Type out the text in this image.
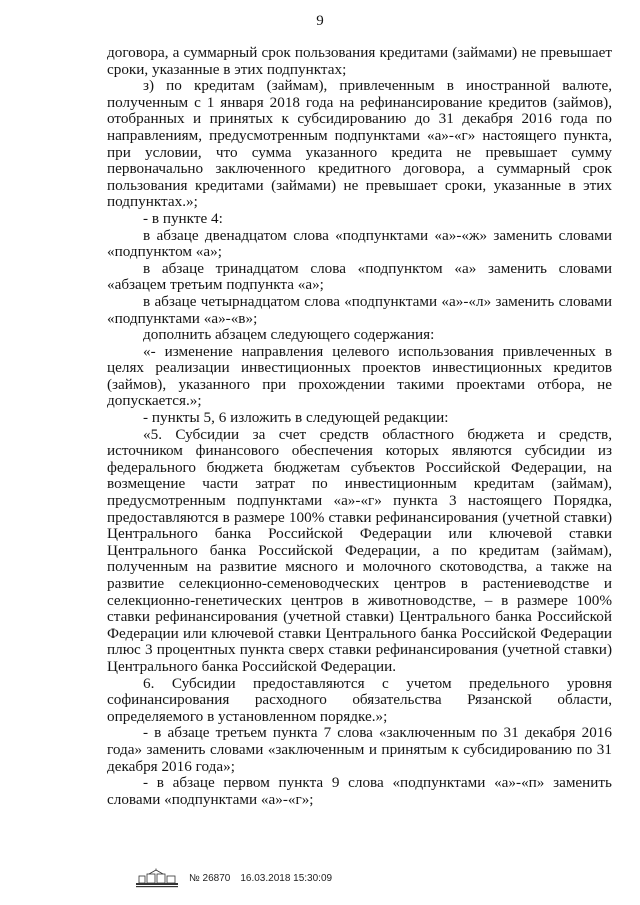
9

договора, а суммарный срок пользования кредитами (займами) не превышает сроки, указанные в этих подпунктах;

з) по кредитам (займам), привлеченным в иностранной валюте, полученным с 1 января 2018 года на рефинансирование кредитов (займов), отобранных и принятых к субсидированию до 31 декабря 2016 года по направлениям, предусмотренным подпунктами «а»-«г» настоящего пункта, при условии, что сумма указанного кредита не превышает сумму первоначально заключенного кредитного договора, а суммарный срок пользования кредитами (займами) не превышает сроки, указанные в этих подпунктах.»;

- в пункте 4:

в абзаце двенадцатом слова «подпунктами «а»-«ж» заменить словами «подпунктом «а»;

в абзаце тринадцатом слова «подпунктом «а» заменить словами «абзацем третьим подпункта «а»;

в абзаце четырнадцатом слова «подпунктами «а»-«л» заменить словами «подпунктами «а»-«в»;

дополнить абзацем следующего содержания:

«- изменение направления целевого использования привлеченных в целях реализации инвестиционных проектов инвестиционных кредитов (займов), указанного при прохождении такими проектами отбора, не допускается.»;

- пункты 5, 6 изложить в следующей редакции:

«5. Субсидии за счет средств областного бюджета и средств, источником финансового обеспечения которых являются субсидии из федерального бюджета бюджетам субъектов Российской Федерации, на возмещение части затрат по инвестиционным кредитам (займам), предусмотренным подпунктами «а»-«г» пункта 3 настоящего Порядка, предоставляются в размере 100% ставки рефинансирования (учетной ставки) Центрального банка Российской Федерации или ключевой ставки Центрального банка Российской Федерации, а по кредитам (займам), полученным на развитие мясного и молочного скотоводства, а также на развитие селекционно-семеноводческих центров в растениеводстве и селекционно-генетических центров в животноводстве, – в размере 100% ставки рефинансирования (учетной ставки) Центрального банка Российской Федерации или ключевой ставки Центрального банка Российской Федерации плюс 3 процентных пункта сверх ставки рефинансирования (учетной ставки) Центрального банка Российской Федерации.

6. Субсидии предоставляются с учетом предельного уровня софинансирования расходного обязательства Рязанской области, определяемого в установленном порядке.»;

- в абзаце третьем пункта 7 слова «заключенным по 31 декабря 2016 года» заменить словами «заключенным и принятым к субсидированию по 31 декабря 2016 года»;

- в абзаце первом пункта 9 слова «подпунктами «а»-«п» заменить словами «подпунктами «а»-«г»;

№ 26870 16.03.2018 15:30:09
